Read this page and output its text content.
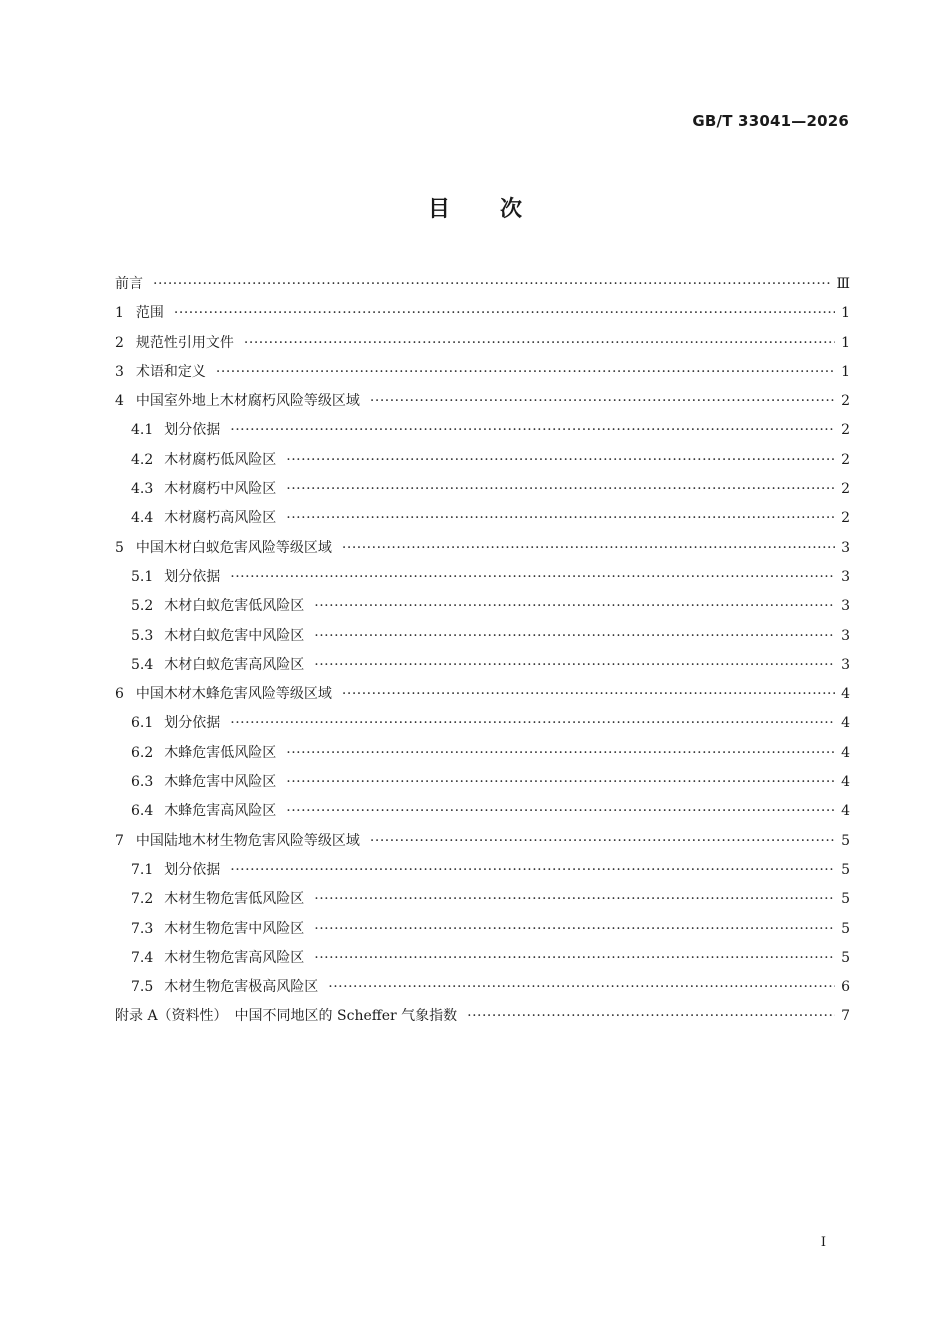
GB/T 33041—2026
目 次
前言 ·····	Ⅲ
1 范围 ·····	1
2 规范性引用文件 ·····	1
3 术语和定义 ·····	1
4 中国室外地上木材腐朽风险等级区域 ·····	2
4.1 划分依据 ·····	2
4.2 木材腐朽低风险区 ·····	2
4.3 木材腐朽中风险区 ·····	2
4.4 木材腐朽高风险区 ·····	2
5 中国木材白蚁危害风险等级区域 ·····	3
5.1 划分依据 ·····	3
5.2 木材白蚁危害低风险区 ·····	3
5.3 木材白蚁危害中风险区 ·····	3
5.4 木材白蚁危害高风险区 ·····	3
6 中国木材木蜂危害风险等级区域 ·····	4
6.1 划分依据 ·····	4
6.2 木蜂危害低风险区 ·····	4
6.3 木蜂危害中风险区 ·····	4
6.4 木蜂危害高风险区 ·····	4
7 中国陆地木材生物危害风险等级区域 ·····	5
7.1 划分依据 ·····	5
7.2 木材生物危害低风险区 ·····	5
7.3 木材生物危害中风险区 ·····	5
7.4 木材生物危害高风险区 ·····	5
7.5 木材生物危害极高风险区 ·····	6
附录 A（资料性）　中国不同地区的 Scheffer 气象指数 ·····	7
I
